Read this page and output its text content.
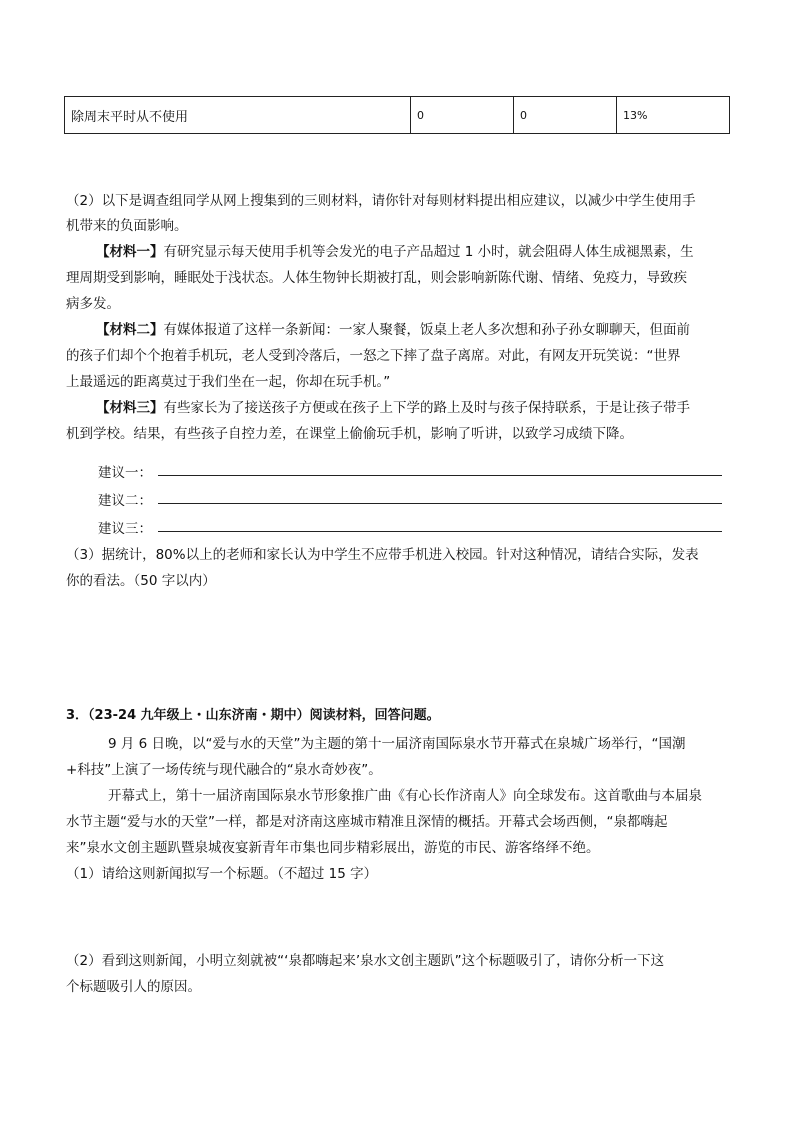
除周末平时从不使用	0	0	13%
（2）以下是调查组同学从网上搜集到的三则材料，请你针对每则材料提出相应建议，以减少中学生使用手
机带来的负面影响。
【材料一】有研究显示每天使用手机等会发光的电子产品超过 1 小时，就会阻碍人体生成褪黑素，生
理周期受到影响，睡眠处于浅状态。人体生物钟长期被打乱，则会影响新陈代谢、情绪、免疫力，导致疾
病多发。
【材料二】有媒体报道了这样一条新闻：一家人聚餐，饭桌上老人多次想和孙子孙女聊聊天，但面前
的孩子们却个个抱着手机玩，老人受到冷落后，一怒之下摔了盘子离席。对此，有网友开玩笑说：“世界
上最遥远的距离莫过于我们坐在一起，你却在玩手机。”
【材料三】有些家长为了接送孩子方便或在孩子上下学的路上及时与孩子保持联系，于是让孩子带手
机到学校。结果，有些孩子自控力差，在课堂上偷偷玩手机，影响了听讲，以致学习成绩下降。
建议一：
建议二：
建议三：
（3）据统计，80%以上的老师和家长认为中学生不应带手机进入校园。针对这种情况，请结合实际，发表
你的看法。（50 字以内）
3．（23-24 九年级上・山东济南・期中）阅读材料，回答问题。
9 月 6 日晚，以“爱与水的天堂”为主题的第十一届济南国际泉水节开幕式在泉城广场举行，“国潮
+科技”上演了一场传统与现代融合的“泉水奇妙夜”。
开幕式上，第十一届济南国际泉水节形象推广曲《有心长作济南人》向全球发布。这首歌曲与本届泉
水节主题“爱与水的天堂”一样，都是对济南这座城市精准且深情的概括。开幕式会场西侧，“泉都嗨起
来”泉水文创主题趴暨泉城夜宴新青年市集也同步精彩展出，游览的市民、游客络绎不绝。
（1）请给这则新闻拟写一个标题。（不超过 15 字）
（2）看到这则新闻，小明立刻就被“‘泉都嗨起来’泉水文创主题趴”这个标题吸引了，请你分析一下这
个标题吸引人的原因。
